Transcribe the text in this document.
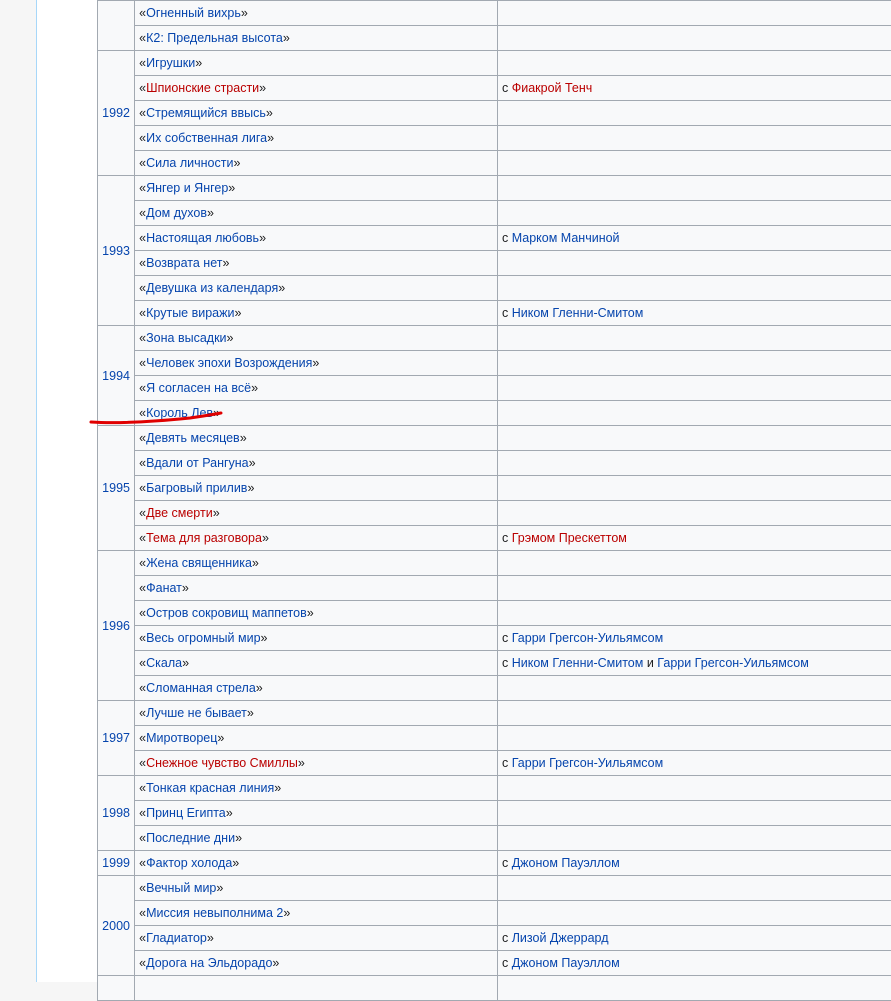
	«Огненный вихрь»	
	«К2: Предельная высота»	
1992	«Игрушки»	
	«Шпионские страсти»	с Фиакрой Тенч
	«Стремящийся ввысь»	
	«Их собственная лига»	
	«Сила личности»	
1993	«Янгер и Янгер»	
	«Дом духов»	
	«Настоящая любовь»	с Марком Манчиной
	«Возврата нет»	
	«Девушка из календаря»	
	«Крутые виражи»	с Ником Гленни-Смитом
1994	«Зона высадки»	
	«Человек эпохи Возрождения»	
	«Я согласен на всё»	
	«Король Лев»	
1995	«Девять месяцев»	
	«Вдали от Рангуна»	
	«Багровый прилив»	
	«Две смерти»	
	«Тема для разговора»	с Грэмом Прескеттом
1996	«Жена священника»	
	«Фанат»	
	«Остров сокровищ маппетов»	
	«Весь огромный мир»	с Гарри Грегсон-Уильямсом
	«Скала»	с Ником Гленни-Смитом и Гарри Грегсон-Уильямсом
	«Сломанная стрела»	
1997	«Лучше не бывает»	
	«Миротворец»	
	«Снежное чувство Смиллы»	с Гарри Грегсон-Уильямсом
1998	«Тонкая красная линия»	
	«Принц Египта»	
	«Последние дни»	
1999	«Фактор холода»	с Джоном Пауэллом
2000	«Вечный мир»	
	«Миссия невыполнима 2»	
	«Гладиатор»	с Лизой Джеррард
	«Дорога на Эльдорадо»	с Джоном Пауэллом
